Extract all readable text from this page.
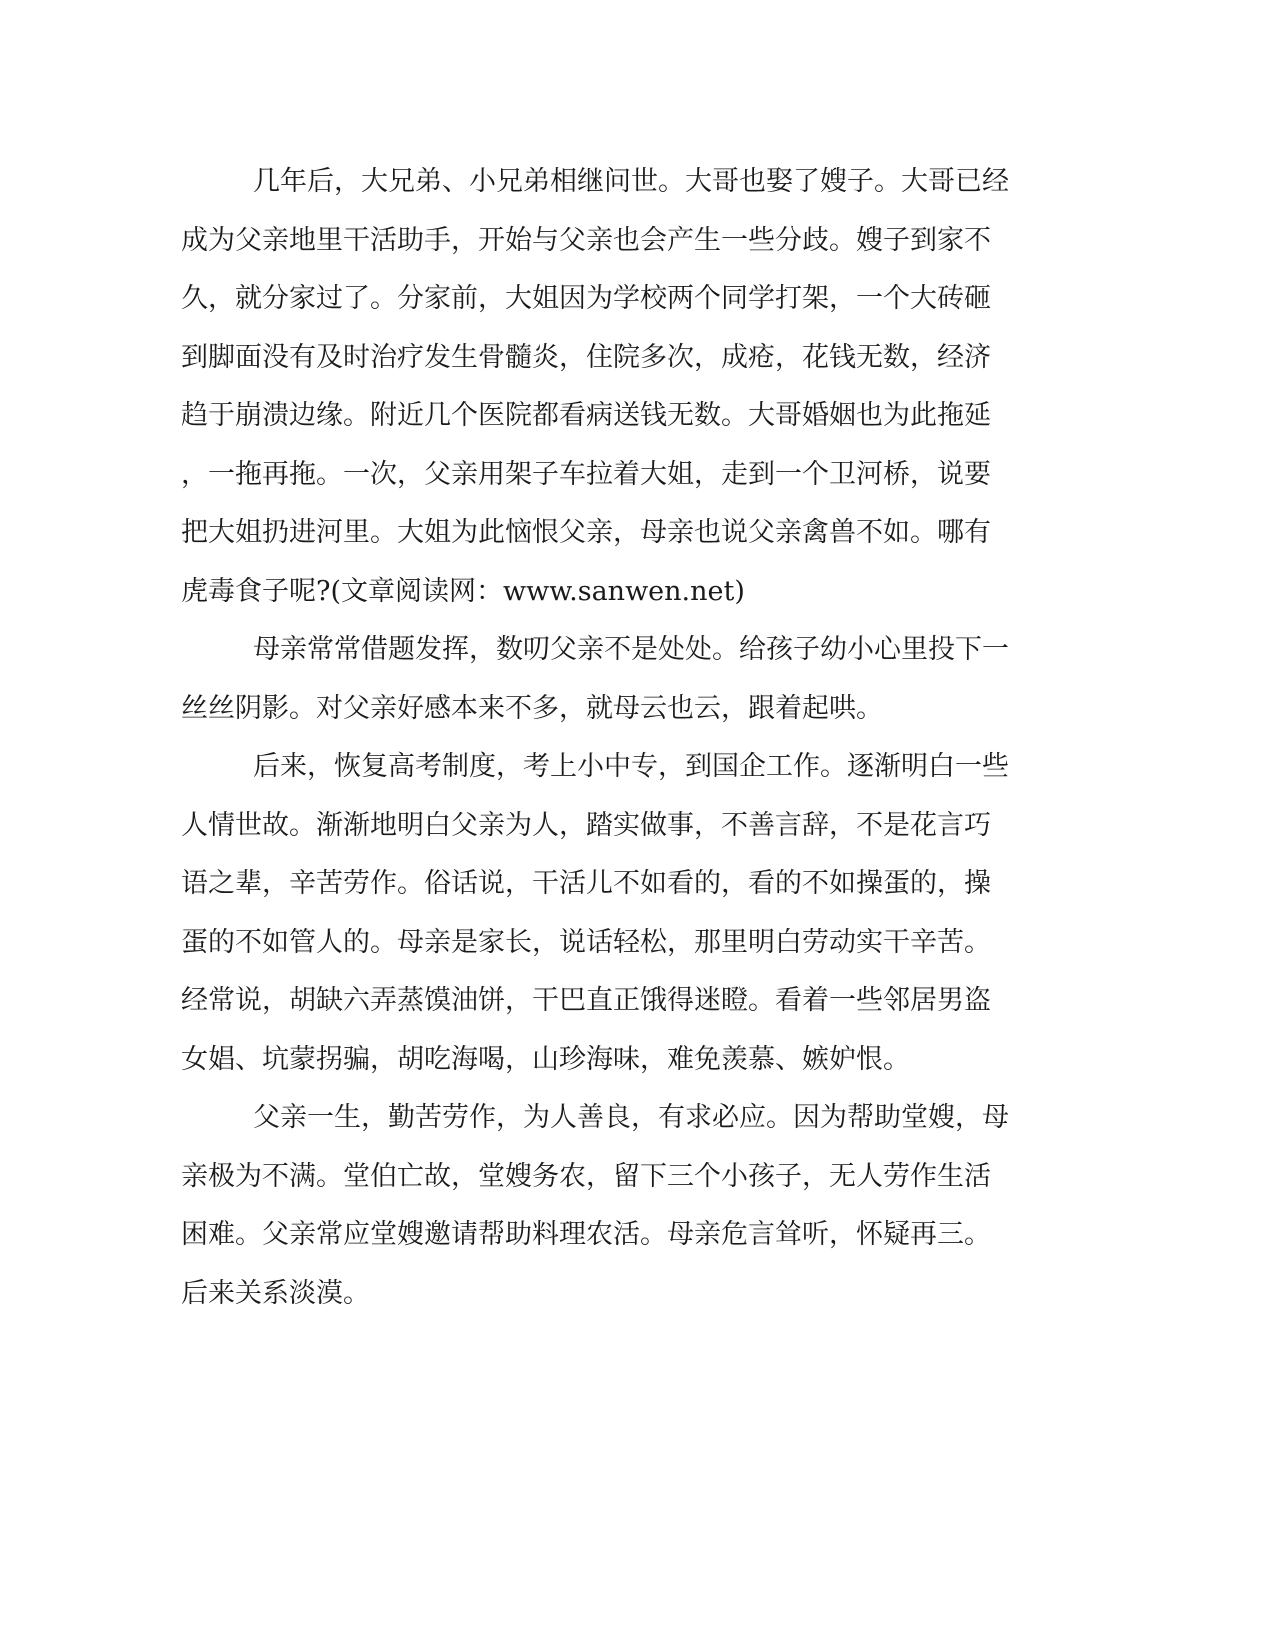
几年后，大兄弟、小兄弟相继问世。大哥也娶了嫂子。大哥已经
成为父亲地里干活助手，开始与父亲也会产生一些分歧。嫂子到家不
久，就分家过了。分家前，大姐因为学校两个同学打架，一个大砖砸
到脚面没有及时治疗发生骨髓炎，住院多次，成疮，花钱无数，经济
趋于崩溃边缘。附近几个医院都看病送钱无数。大哥婚姻也为此拖延
，一拖再拖。一次，父亲用架子车拉着大姐，走到一个卫河桥，说要
把大姐扔进河里。大姐为此恼恨父亲，母亲也说父亲禽兽不如。哪有
虎毒食子呢?(文章阅读网：www.sanwen.net)
母亲常常借题发挥，数叨父亲不是处处。给孩子幼小心里投下一
丝丝阴影。对父亲好感本来不多，就母云也云，跟着起哄。
后来，恢复高考制度，考上小中专，到国企工作。逐渐明白一些
人情世故。渐渐地明白父亲为人，踏实做事，不善言辞，不是花言巧
语之辈，辛苦劳作。俗话说，干活儿不如看的，看的不如操蛋的，操
蛋的不如管人的。母亲是家长，说话轻松，那里明白劳动实干辛苦。
经常说，胡缺六弄蒸馍油饼，干巴直正饿得迷瞪。看着一些邻居男盗
女娼、坑蒙拐骗，胡吃海喝，山珍海味，难免羡慕、嫉妒恨。
父亲一生，勤苦劳作，为人善良，有求必应。因为帮助堂嫂，母
亲极为不满。堂伯亡故，堂嫂务农，留下三个小孩子，无人劳作生活
困难。父亲常应堂嫂邀请帮助料理农活。母亲危言耸听，怀疑再三。
后来关系淡漠。
